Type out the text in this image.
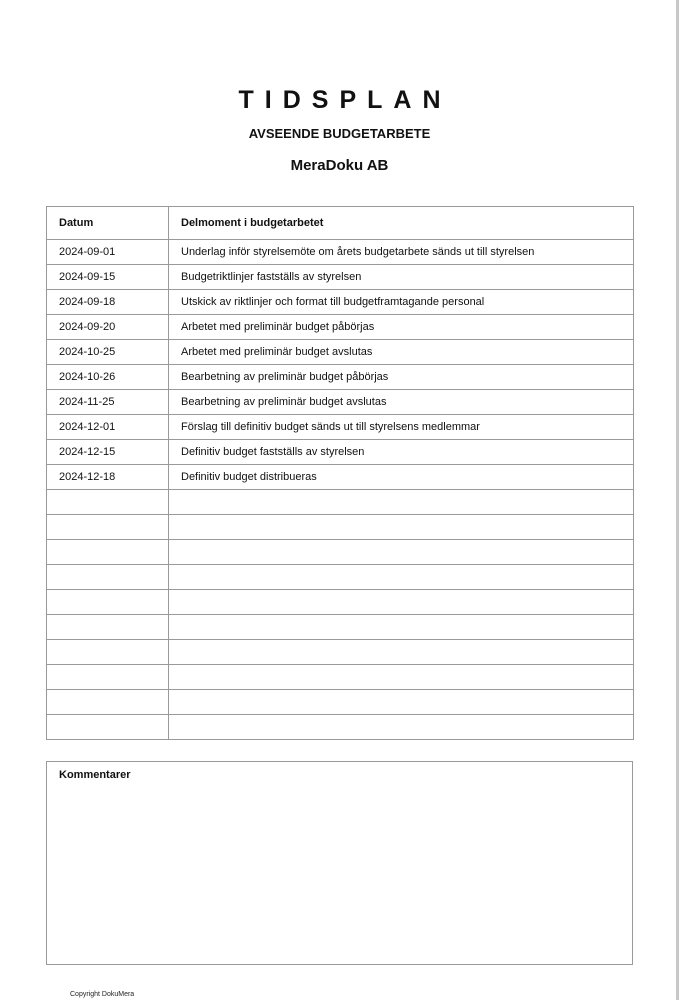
TIDSPLAN
AVSEENDE BUDGETARBETE
MeraDoku AB
Datum	Delmoment i budgetarbetet
2024-09-01	Underlag inför styrelsemöte om årets budgetarbete sänds ut till styrelsen
2024-09-15	Budgetriktlinjer fastställs av styrelsen
2024-09-18	Utskick av riktlinjer och format till budgetframtagande personal
2024-09-20	Arbetet med preliminär budget påbörjas
2024-10-25	Arbetet med preliminär budget avslutas
2024-10-26	Bearbetning av preliminär budget påbörjas
2024-11-25	Bearbetning av preliminär budget avslutas
2024-12-01	Förslag till definitiv budget sänds ut till styrelsens medlemmar
2024-12-15	Definitiv budget fastställs av styrelsen
2024-12-18	Definitiv budget distribueras

Kommentarer
Copyright DokuMera
